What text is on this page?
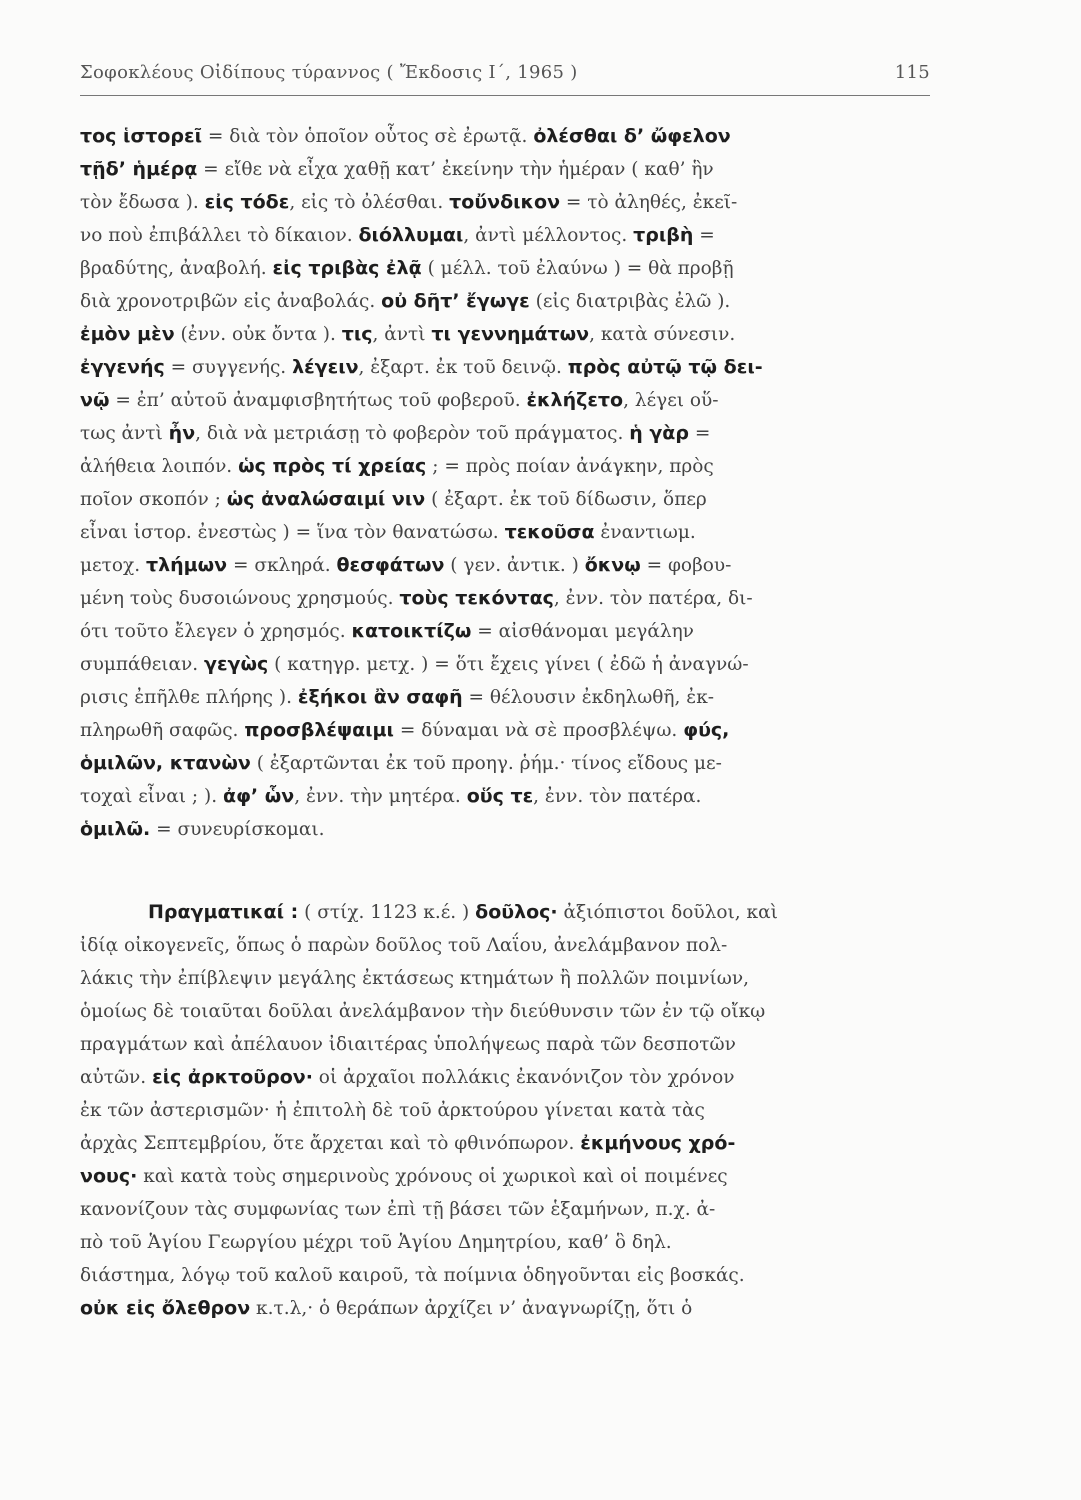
Σοφοκλέους Οἰδίπους τύραννος ( Ἔκδοσις Ι΄, 1965 )	115
τος ἱστορεῖ = διὰ τὸν ὁποῖον οὗτος σὲ ἐρωτᾷ. ὀλέσθαι δ’ ὤφελον
τῇδ’ ἡμέρᾳ = εἴθε νὰ εἶχα χαθῇ κατ’ ἐκείνην τὴν ἡμέραν ( καθ’ ἣν
τὸν ἔδωσα ). εἰς τόδε, εἰς τὸ ὀλέσθαι. τοὔνδικον = τὸ ἀληθές, ἐκεῖ-
νο ποὺ ἐπιβάλλει τὸ δίκαιον. διόλλυμαι, ἀντὶ μέλλοντος. τριβὴ =
βραδύτης, ἀναβολή. εἰς τριβὰς ἐλᾷ ( μέλλ. τοῦ ἐλαύνω ) = θὰ προβῇ
διὰ χρονοτριβῶν εἰς ἀναβολάς. οὐ δῆτ’ ἔγωγε (εἰς διατριβὰς ἐλῶ ).
ἐμὸν μὲν (ἐνν. οὐκ ὄντα ). τις, ἀντὶ τι γεννημάτων, κατὰ σύνεσιν.
ἐγγενής = συγγενής. λέγειν, ἐξαρτ. ἐκ τοῦ δεινῷ. πρὸς αὐτῷ τῷ δει-
νῷ = ἐπ’ αὐτοῦ ἀναμφισβητήτως τοῦ φοβεροῦ. ἐκλήζετο, λέγει οὕ-
τως ἀντὶ ἦν, διὰ νὰ μετριάσῃ τὸ φοβερὸν τοῦ πράγματος. ἡ γὰρ =
ἀλήθεια λοιπόν. ὡς πρὸς τί χρείας ; = πρὸς ποίαν ἀνάγκην, πρὸς
ποῖον σκοπόν ; ὡς ἀναλώσαιμί νιν ( ἐξαρτ. ἐκ τοῦ δίδωσιν, ὅπερ
εἶναι ἱστορ. ἐνεστὼς ) = ἵνα τὸν θανατώσω. τεκοῦσα ἐναντιωμ.
μετοχ. τλήμων = σκληρά. θεσφάτων ( γεν. ἀντικ. ) ὄκνῳ = φοβου-
μένη τοὺς δυσοιώνους χρησμούς. τοὺς τεκόντας, ἐνν. τὸν πατέρα, δι-
ότι τοῦτο ἔλεγεν ὁ χρησμός. κατοικτίζω = αἰσθάνομαι μεγάλην
συμπάθειαν. γεγὼς ( κατηγρ. μετχ. ) = ὅτι ἔχεις γίνει ( ἐδῶ ἡ ἀναγνώ-
ρισις ἐπῆλθε πλήρης ). ἐξήκοι ἂν σαφῆ = θέλουσιν ἐκδηλωθῆ, ἐκ-
πληρωθῆ σαφῶς. προσβλέψαιμι = δύναμαι νὰ σὲ προσβλέψω. φύς,
ὁμιλῶν, κτανὼν ( ἐξαρτῶνται ἐκ τοῦ προηγ. ῥήμ.· τίνος εἴδους με-
τοχαὶ εἶναι ; ). ἀφ’ ὧν, ἐνν. τὴν μητέρα. οὕς τε, ἐνν. τὸν πατέρα.
ὁμιλῶ. = συνευρίσκομαι.
Πραγματικαί : ( στίχ. 1123 κ.έ. ) δοῦλος· ἀξιόπιστοι δοῦλοι, καὶ
ἰδίᾳ οἰκογενεῖς, ὅπως ὁ παρὼν δοῦλος τοῦ Λαΐου, ἀνελάμβανον πολ-
λάκις τὴν ἐπίβλεψιν μεγάλης ἐκτάσεως κτημάτων ἢ πολλῶν ποιμνίων,
ὁμοίως δὲ τοιαῦται δοῦλαι ἀνελάμβανον τὴν διεύθυνσιν τῶν ἐν τῷ οἴκῳ
πραγμάτων καὶ ἀπέλαυον ἰδιαιτέρας ὑπολήψεως παρὰ τῶν δεσποτῶν
αὐτῶν. εἰς ἀρκτοῦρον· οἱ ἀρχαῖοι πολλάκις ἐκανόνιζον τὸν χρόνον
ἐκ τῶν ἀστερισμῶν· ἡ ἐπιτολὴ δὲ τοῦ ἀρκτούρου γίνεται κατὰ τὰς
ἀρχὰς Σεπτεμβρίου, ὅτε ἄρχεται καὶ τὸ φθινόπωρον. ἐκμήνους χρό-
νους· καὶ κατὰ τοὺς σημερινοὺς χρόνους οἱ χωρικοὶ καὶ οἱ ποιμένες
κανονίζουν τὰς συμφωνίας των ἐπὶ τῇ βάσει τῶν ἑξαμήνων, π.χ. ἀ-
πὸ τοῦ Ἁγίου Γεωργίου μέχρι τοῦ Ἁγίου Δημητρίου, καθ’ ὃ δηλ.
διάστημα, λόγῳ τοῦ καλοῦ καιροῦ, τὰ ποίμνια ὁδηγοῦνται εἰς βοσκάς.
οὐκ εἰς ὄλεθρον κ.τ.λ,· ὁ θεράπων ἀρχίζει ν’ ἀναγνωρίζῃ, ὅτι ὁ
